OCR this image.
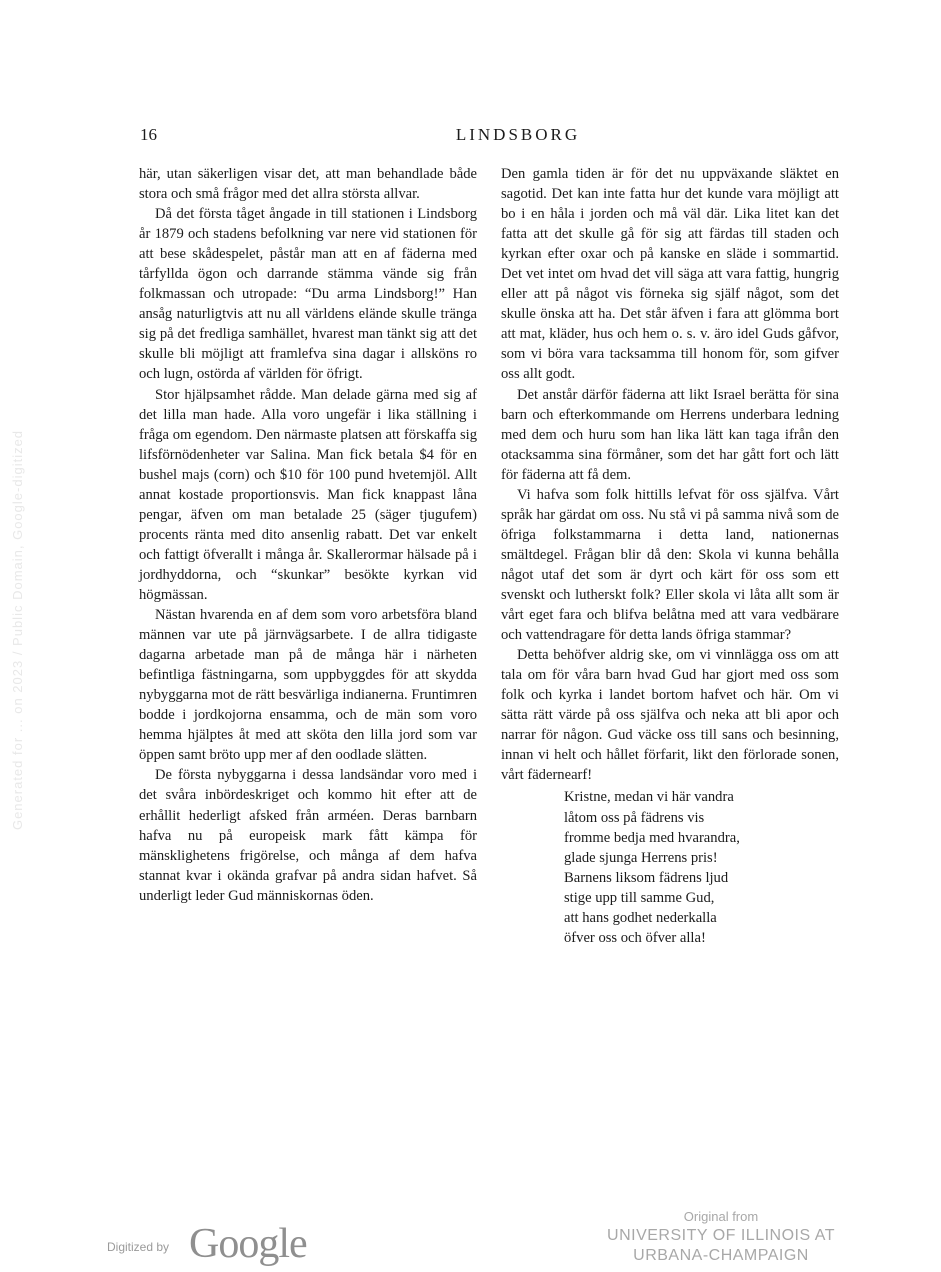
Generated for ... on 2023 / Public Domain, Google-digitized
16	LINDSBORG

här, utan säkerligen visar det, att man behandlade både stora och små frågor med det allra största allvar.

Då det första tåget ångade in till stationen i Lindsborg år 1879 och stadens befolkning var nere vid stationen för att bese skådespelet, påstår man att en af fäderna med tårfyllda ögon och darrande stämma vände sig från folkmassan och utropade: “Du arma Lindsborg!” Han ansåg naturligtvis att nu all världens elände skulle tränga sig på det fredliga samhället, hvarest man tänkt sig att det skulle bli möjligt att framlefva sina dagar i allsköns ro och lugn, ostörda af världen för öfrigt.

Stor hjälpsamhet rådde. Man delade gärna med sig af det lilla man hade. Alla voro ungefär i lika ställning i fråga om egendom. Den närmaste platsen att förskaffa sig lifsförnödenheter var Salina. Man fick betala $4 för en bushel majs (corn) och $10 för 100 pund hvetemjöl. Allt annat kostade proportionsvis. Man fick knappast låna pengar, äfven om man betalade 25 (säger tjugufem) procents ränta med dito ansenlig rabatt. Det var enkelt och fattigt öfverallt i många år. Skallerormar hälsade på i jordhyddorna, och “skunkar” besökte kyrkan vid högmässan.

Nästan hvarenda en af dem som voro arbetsföra bland männen var ute på järnvägsarbete. I de allra tidigaste dagarna arbetade man på de många här i närheten befintliga fästningarna, som uppbyggdes för att skydda nybyggarna mot de rätt besvärliga indianerna. Fruntimren bodde i jordkojorna ensamma, och de män som voro hemma hjälptes åt med att sköta den lilla jord som var öppen samt bröto upp mer af den oodlade slätten.

De första nybyggarna i dessa landsändar voro med i det svåra inbördeskriget och kommo hit efter att de erhållit hederligt afsked från arméen. Deras barnbarn hafva nu på europeisk mark fått kämpa för mänsklighetens frigörelse, och många af dem hafva stannat kvar i okända grafvar på andra sidan hafvet. Så underligt leder Gud människornas öden.

Den gamla tiden är för det nu uppväxande släktet en sagotid. Det kan inte fatta hur det kunde vara möjligt att bo i en håla i jorden och må väl där. Lika litet kan det fatta att det skulle gå för sig att färdas till staden och kyrkan efter oxar och på kanske en släde i sommartid. Det vet intet om hvad det vill säga att vara fattig, hungrig eller att på något vis förneka sig själf något, som det skulle önska att ha. Det står äfven i fara att glömma bort att mat, kläder, hus och hem o. s. v. äro idel Guds gåfvor, som vi böra vara tacksamma till honom för, som gifver oss allt godt.

Det anstår därför fäderna att likt Israel berätta för sina barn och efterkommande om Herrens underbara ledning med dem och huru som han lika lätt kan taga ifrån den otacksamma sina förmåner, som det har gått fort och lätt för fäderna att få dem.

Vi hafva som folk hittills lefvat för oss själfva. Vårt språk har gärdat om oss. Nu stå vi på samma nivå som de öfriga folkstammarna i detta land, nationernas smältdegel. Frågan blir då den: Skola vi kunna behålla något utaf det som är dyrt och kärt för oss som ett svenskt och lutherskt folk? Eller skola vi låta allt som är vårt eget fara och blifva belåtna med att vara vedbärare och vattendragare för detta lands öfriga stammar?

Detta behöfver aldrig ske, om vi vinnlägga oss om att tala om för våra barn hvad Gud har gjort med oss som folk och kyrka i landet bortom hafvet och här. Om vi sätta rätt värde på oss själfva och neka att bli apor och narrar för någon. Gud väcke oss till sans och besinning, innan vi helt och hållet förfarit, likt den förlorade sonen, vårt fädernearf!

Kristne, medan vi här vandra
låtom oss på fädrens vis
fromme bedja med hvarandra,
glade sjunga Herrens pris!
Barnens liksom fädrens ljud
stige upp till samme Gud,
att hans godhet nederkalla
öfver oss och öfver alla!
Digitized by Google
Original from
UNIVERSITY OF ILLINOIS AT
URBANA-CHAMPAIGN
